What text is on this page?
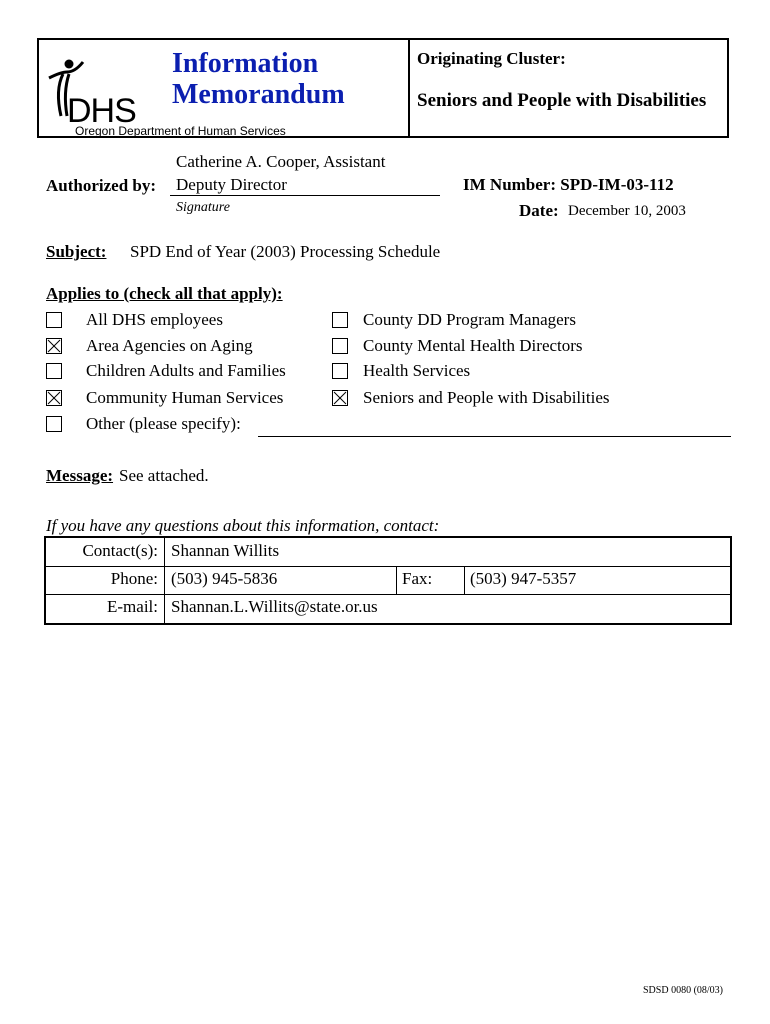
DHS
Information
Memorandum
Oregon Department of Human Services
Originating Cluster:
Seniors and People with Disabilities
Catherine A. Cooper, Assistant
Authorized by: Deputy Director
Signature
IM Number: SPD-IM-03-112
Date: December 10, 2003
Subject: SPD End of Year (2003) Processing Schedule
Applies to (check all that apply):
All DHS employees
Area Agencies on Aging
Children Adults and Families
Community Human Services
Other (please specify):
County DD Program Managers
County Mental Health Directors
Health Services
Seniors and People with Disabilities
Message: See attached.
If you have any questions about this information, contact:
Contact(s): Shannan Willits
Phone: (503) 945-5836	Fax: (503) 947-5357
E-mail: Shannan.L.Willits@state.or.us
SDSD 0080 (08/03)
